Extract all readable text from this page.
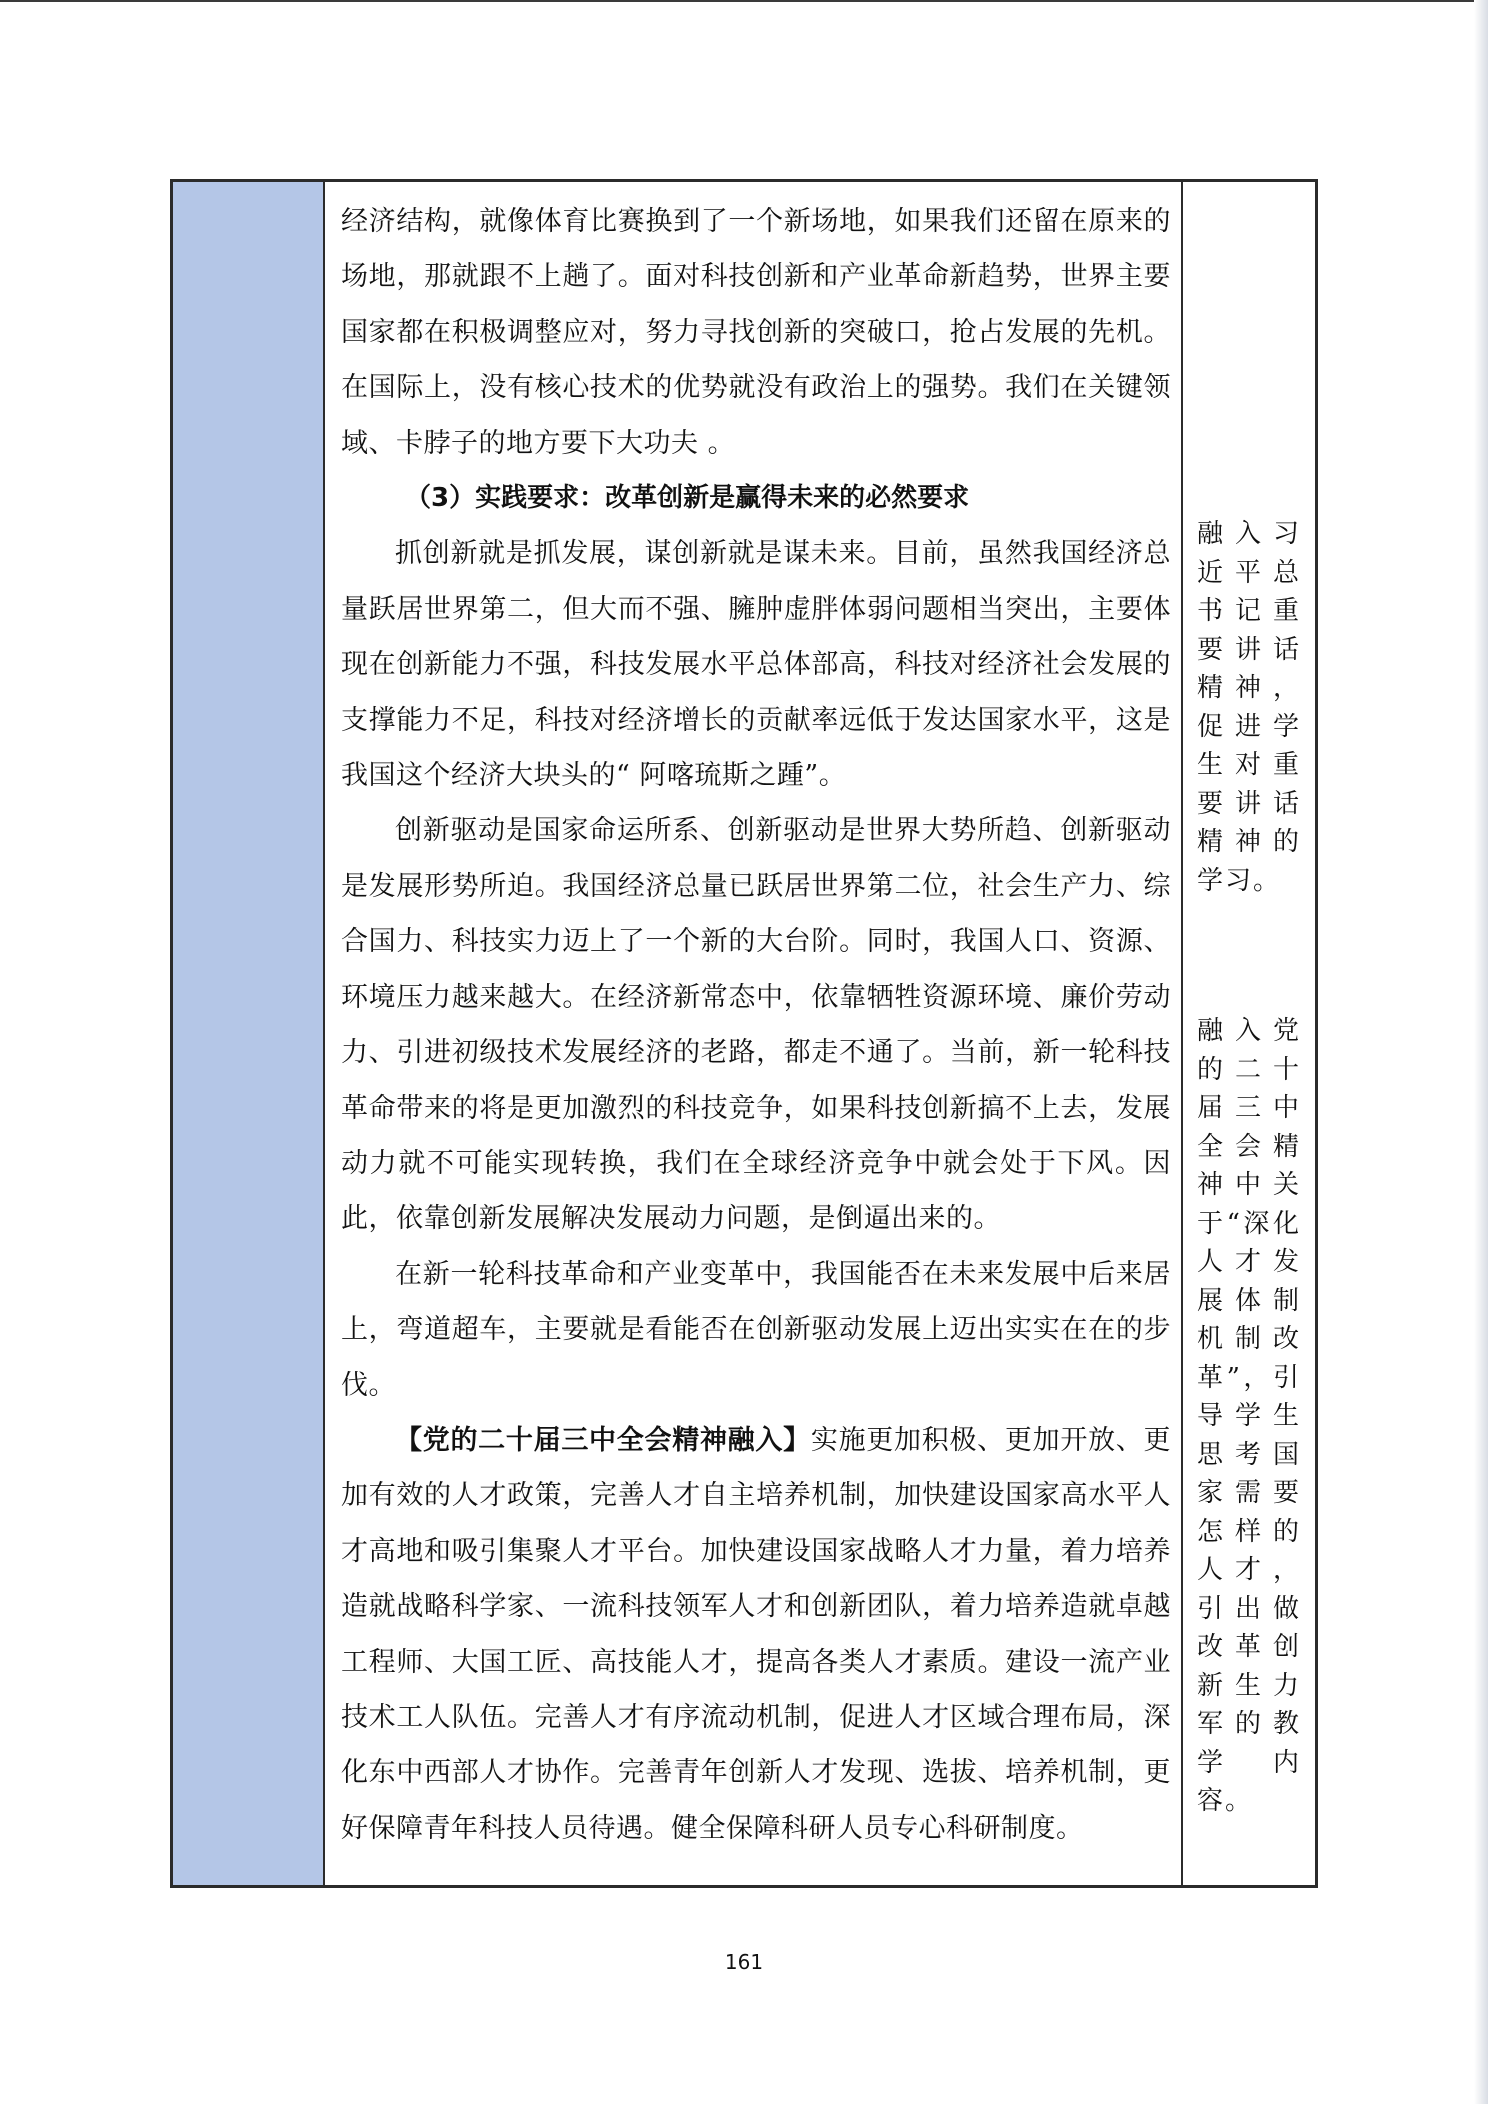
经济结构，就像体育比赛换到了一个新场地，如果我们还留在原来的场地，那就跟不上趟了。面对科技创新和产业革命新趋势，世界主要国家都在积极调整应对，努力寻找创新的突破口，抢占发展的先机。在国际上，没有核心技术的优势就没有政治上的强势。我们在关键领域、卡脖子的地方要下大功夫 。

（3）实践要求：改革创新是赢得未来的必然要求

抓创新就是抓发展，谋创新就是谋未来。目前，虽然我国经济总量跃居世界第二，但大而不强、臃肿虚胖体弱问题相当突出，主要体现在创新能力不强，科技发展水平总体部高，科技对经济社会发展的支撑能力不足，科技对经济增长的贡献率远低于发达国家水平，这是我国这个经济大块头的“ 阿喀琉斯之踵”。

创新驱动是国家命运所系、创新驱动是世界大势所趋、创新驱动是发展形势所迫。我国经济总量已跃居世界第二位，社会生产力、综合国力、科技实力迈上了一个新的大台阶。同时，我国人口、资源、环境压力越来越大。在经济新常态中，依靠牺牲资源环境、廉价劳动力、引进初级技术发展经济的老路，都走不通了。当前，新一轮科技革命带来的将是更加激烈的科技竞争，如果科技创新搞不上去，发展动力就不可能实现转换，我们在全球经济竞争中就会处于下风。因此，依靠创新发展解决发展动力问题，是倒逼出来的。

在新一轮科技革命和产业变革中，我国能否在未来发展中后来居上，弯道超车，主要就是看能否在创新驱动发展上迈出实实在在的步伐。

【党的二十届三中全会精神融入】实施更加积极、更加开放、更加有效的人才政策，完善人才自主培养机制，加快建设国家高水平人才高地和吸引集聚人才平台。加快建设国家战略人才力量，着力培养造就战略科学家、一流科技领军人才和创新团队，着力培养造就卓越工程师、大国工匠、高技能人才，提高各类人才素质。建设一流产业技术工人队伍。完善人才有序流动机制，促进人才区域合理布局，深化东中西部人才协作。完善青年创新人才发现、选拔、培养机制，更好保障青年科技人员待遇。健全保障科研人员专心科研制度。

融入习近平总书记重要讲话精神，促进学生对重要讲话精神的学习。

融入党的二十届三中全会精神中关于“深化人才发展体制机制改革”，引导学生思考国家需要怎样的人才，引出做改革创新生力军的教学内容。

161
